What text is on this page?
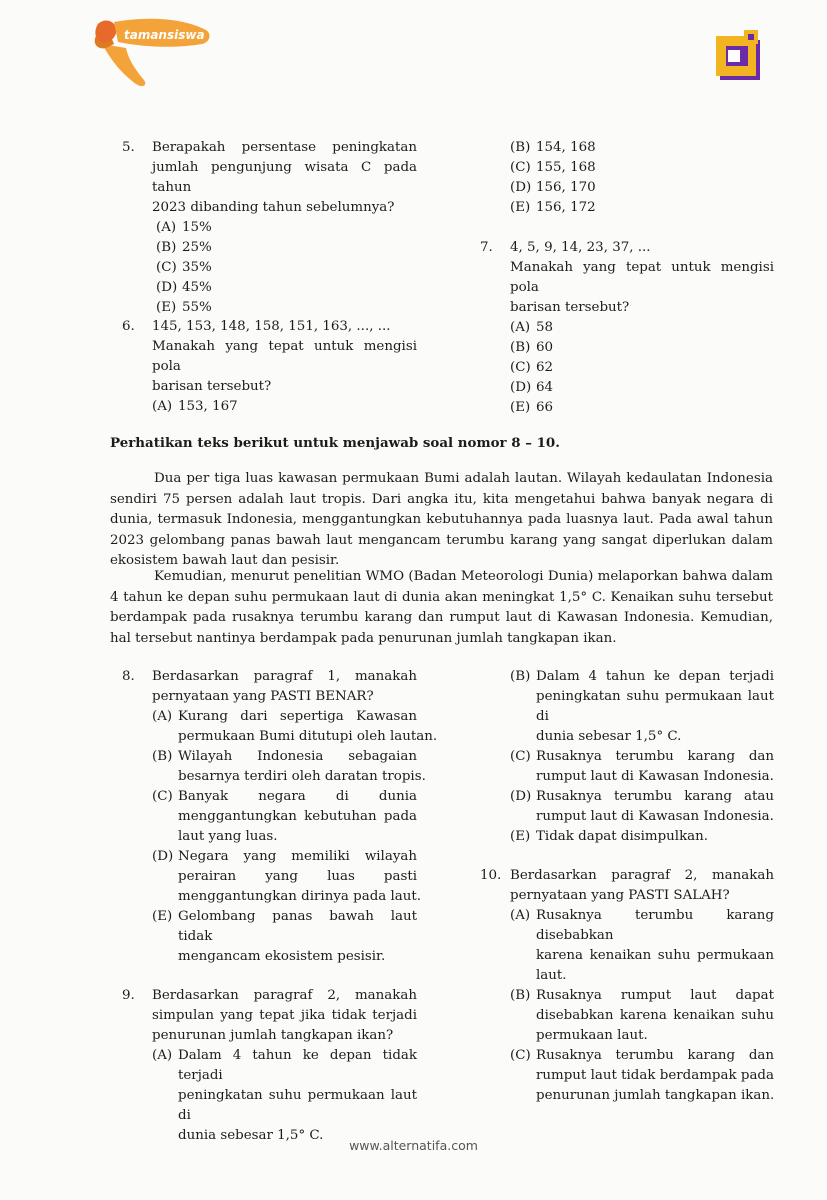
tamansiswa
5. Berapakah persentase peningkatan
jumlah pengunjung wisata C pada tahun
2023 dibanding tahun sebelumnya?
(A) 15%
(B) 25%
(C) 35%
(D) 45%
(E) 55%
6. 145, 153, 148, 158, 151, 163, ..., ...
Manakah yang tepat untuk mengisi pola
barisan tersebut?
(A) 153, 167
(B) 154, 168
(C) 155, 168
(D) 156, 170
(E) 156, 172
7. 4, 5, 9, 14, 23, 37, ...
Manakah yang tepat untuk mengisi pola
barisan tersebut?
(A) 58
(B) 60
(C) 62
(D) 64
(E) 66
Perhatikan teks berikut untuk menjawab soal nomor 8 – 10.
Dua per tiga luas kawasan permukaan Bumi adalah lautan. Wilayah kedaulatan Indonesia sendiri 75 persen adalah laut tropis. Dari angka itu, kita mengetahui bahwa banyak negara di dunia, termasuk Indonesia, menggantungkan kebutuhannya pada luasnya laut. Pada awal tahun 2023 gelombang panas bawah laut mengancam terumbu karang yang sangat diperlukan dalam ekosistem bawah laut dan pesisir.
Kemudian, menurut penelitian WMO (Badan Meteorologi Dunia) melaporkan bahwa dalam 4 tahun ke depan suhu permukaan laut di dunia akan meningkat 1,5° C. Kenaikan suhu tersebut berdampak pada rusaknya terumbu karang dan rumput laut di Kawasan Indonesia. Kemudian, hal tersebut nantinya berdampak pada penurunan jumlah tangkapan ikan.
8. Berdasarkan paragraf 1, manakah
pernyataan yang PASTI BENAR?
(A) Kurang dari sepertiga Kawasan
permukaan Bumi ditutupi oleh lautan.
(B) Wilayah Indonesia sebagaian
besarnya terdiri oleh daratan tropis.
(C) Banyak negara di dunia
menggantungkan kebutuhan pada
laut yang luas.
(D) Negara yang memiliki wilayah
perairan yang luas pasti
menggantungkan dirinya pada laut.
(E) Gelombang panas bawah laut tidak
mengancam ekosistem pesisir.
9. Berdasarkan paragraf 2, manakah
simpulan yang tepat jika tidak terjadi
penurunan jumlah tangkapan ikan?
(A) Dalam 4 tahun ke depan tidak terjadi
peningkatan suhu permukaan laut di
dunia sebesar 1,5° C.
(B) Dalam 4 tahun ke depan terjadi
peningkatan suhu permukaan laut di
dunia sebesar 1,5° C.
(C) Rusaknya terumbu karang dan
rumput laut di Kawasan Indonesia.
(D) Rusaknya terumbu karang atau
rumput laut di Kawasan Indonesia.
(E) Tidak dapat disimpulkan.
10. Berdasarkan paragraf 2, manakah
pernyataan yang PASTI SALAH?
(A) Rusaknya terumbu karang disebabkan
karena kenaikan suhu permukaan
laut.
(B) Rusaknya rumput laut dapat
disebabkan karena kenaikan suhu
permukaan laut.
(C) Rusaknya terumbu karang dan
rumput laut tidak berdampak pada
penurunan jumlah tangkapan ikan.
www.alternatifa.com
